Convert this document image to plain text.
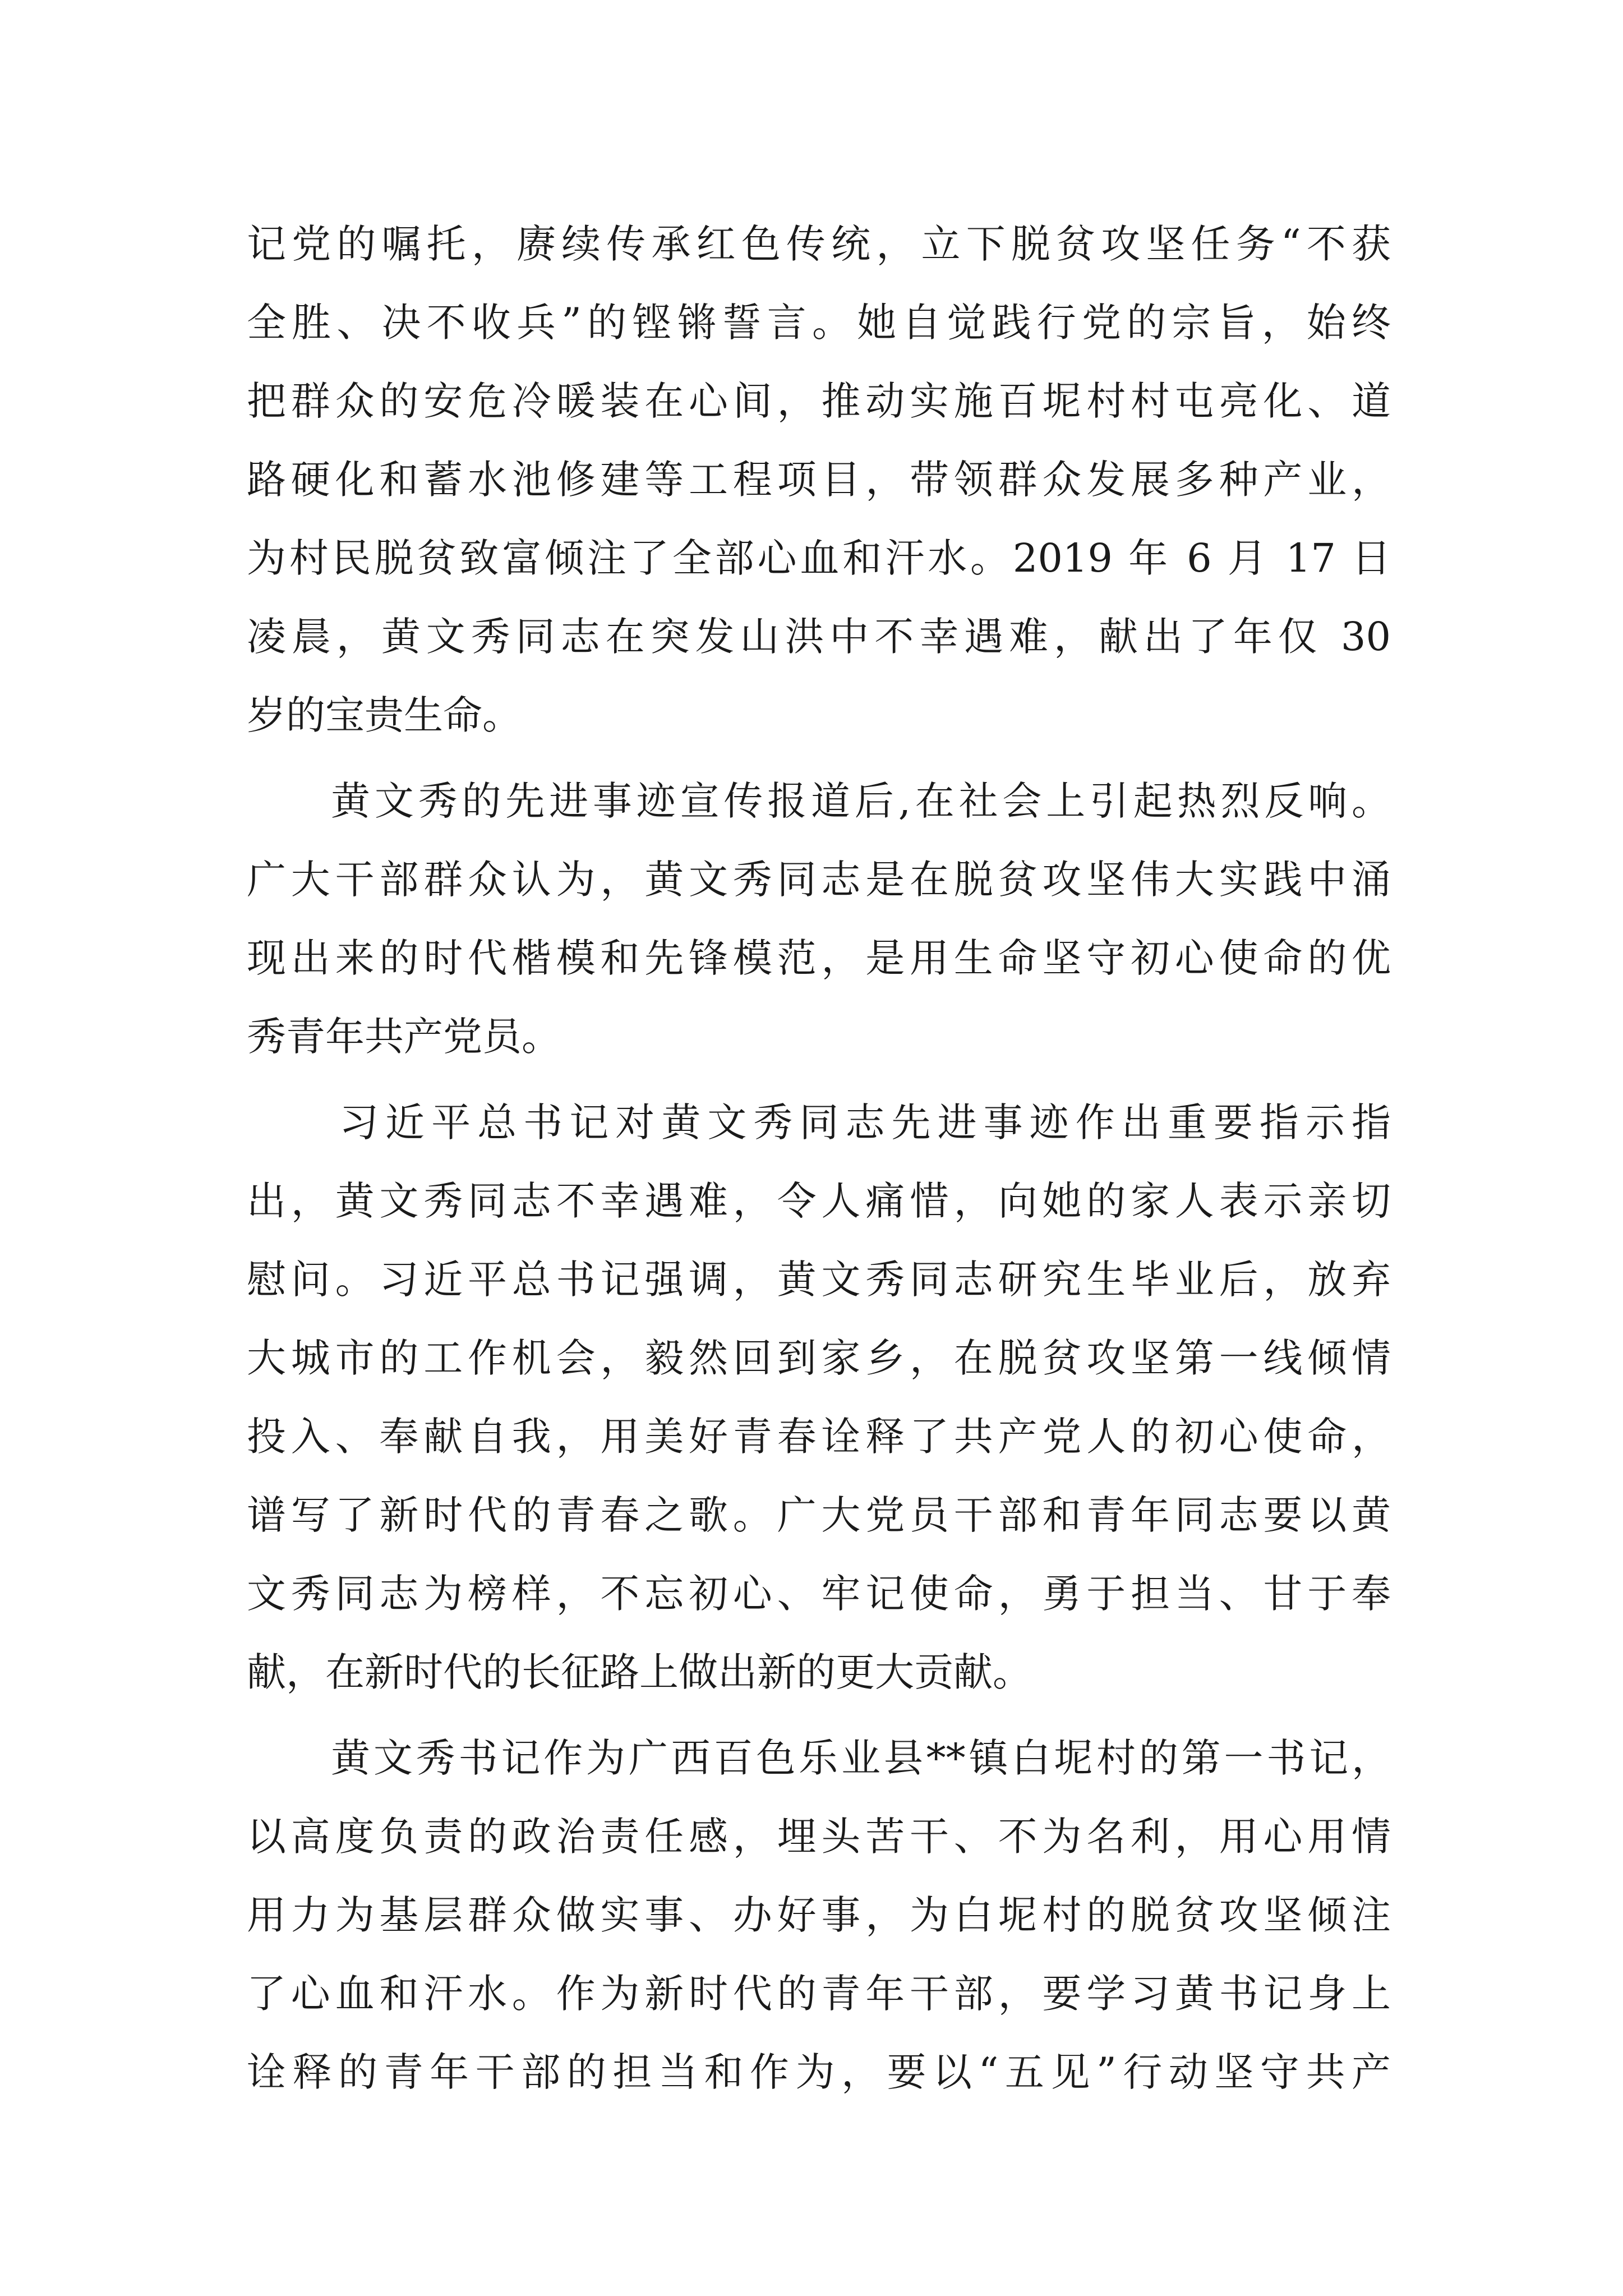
记党的嘱托，赓续传承红色传统，立下脱贫攻坚任务“不获
全胜、决不收兵”的铿锵誓言。她自觉践行党的宗旨，始终
把群众的安危冷暖装在心间，推动实施百坭村村屯亮化、道
路硬化和蓄水池修建等工程项目，带领群众发展多种产业，
为村民脱贫致富倾注了全部心血和汗水。2019 年 6 月 17 日
凌晨，黄文秀同志在突发山洪中不幸遇难，献出了年仅 30
岁的宝贵生命。
黄文秀的先进事迹宣传报道后,在社会上引起热烈反响。
广大干部群众认为，黄文秀同志是在脱贫攻坚伟大实践中涌
现出来的时代楷模和先锋模范，是用生命坚守初心使命的优
秀青年共产党员。
习近平总书记对黄文秀同志先进事迹作出重要指示指
出，黄文秀同志不幸遇难，令人痛惜，向她的家人表示亲切
慰问。习近平总书记强调，黄文秀同志研究生毕业后，放弃
大城市的工作机会，毅然回到家乡，在脱贫攻坚第一线倾情
投入、奉献自我，用美好青春诠释了共产党人的初心使命，
谱写了新时代的青春之歌。广大党员干部和青年同志要以黄
文秀同志为榜样，不忘初心、牢记使命，勇于担当、甘于奉
献，在新时代的长征路上做出新的更大贡献。
黄文秀书记作为广西百色乐业县**镇白坭村的第一书记，
以高度负责的政治责任感，埋头苦干、不为名利，用心用情
用力为基层群众做实事、办好事，为白坭村的脱贫攻坚倾注
了心血和汗水。作为新时代的青年干部，要学习黄书记身上
诠释的青年干部的担当和作为，要以“五见”行动坚守共产
